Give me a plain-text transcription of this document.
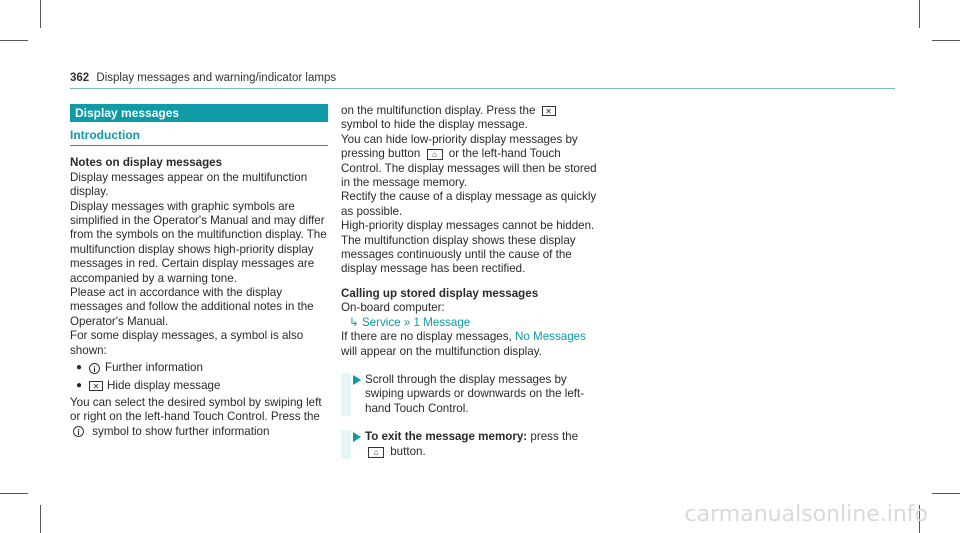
362 Display messages and warning/indicator lamps
Display messages
Introduction
Notes on display messages

Display messages appear on the multifunction display.

Display messages with graphic symbols are simplified in the Operator's Manual and may differ from the symbols on the multifunction display. The multifunction display shows high-priority display messages in red. Certain display messages are accompanied by a warning tone.

Please act in accordance with the display messages and follow the additional notes in the Operator's Manual.

For some display messages, a symbol is also shown:

●	i Further information
●	✕ Hide display message

You can select the desired symbol by swiping left or right on the left-hand Touch Control. Press the i symbol to show further information

on the multifunction display. Press the ✕ symbol to hide the display message.

You can hide low-priority display messages by pressing button ⌂ or the left-hand Touch Control. The display messages will then be stored in the message memory.

Rectify the cause of a display message as quickly as possible.

High-priority display messages cannot be hidden. The multifunction display shows these display messages continuously until the cause of the display message has been rectified.

Calling up stored display messages

On-board computer:

↳ Service » 1 Message

If there are no display messages, No Messages will appear on the multifunction display.

Scroll through the display messages by swiping upwards or downwards on the left-hand Touch Control.
To exit the message memory: press the ⌂ button.
carmanualsonline.info
